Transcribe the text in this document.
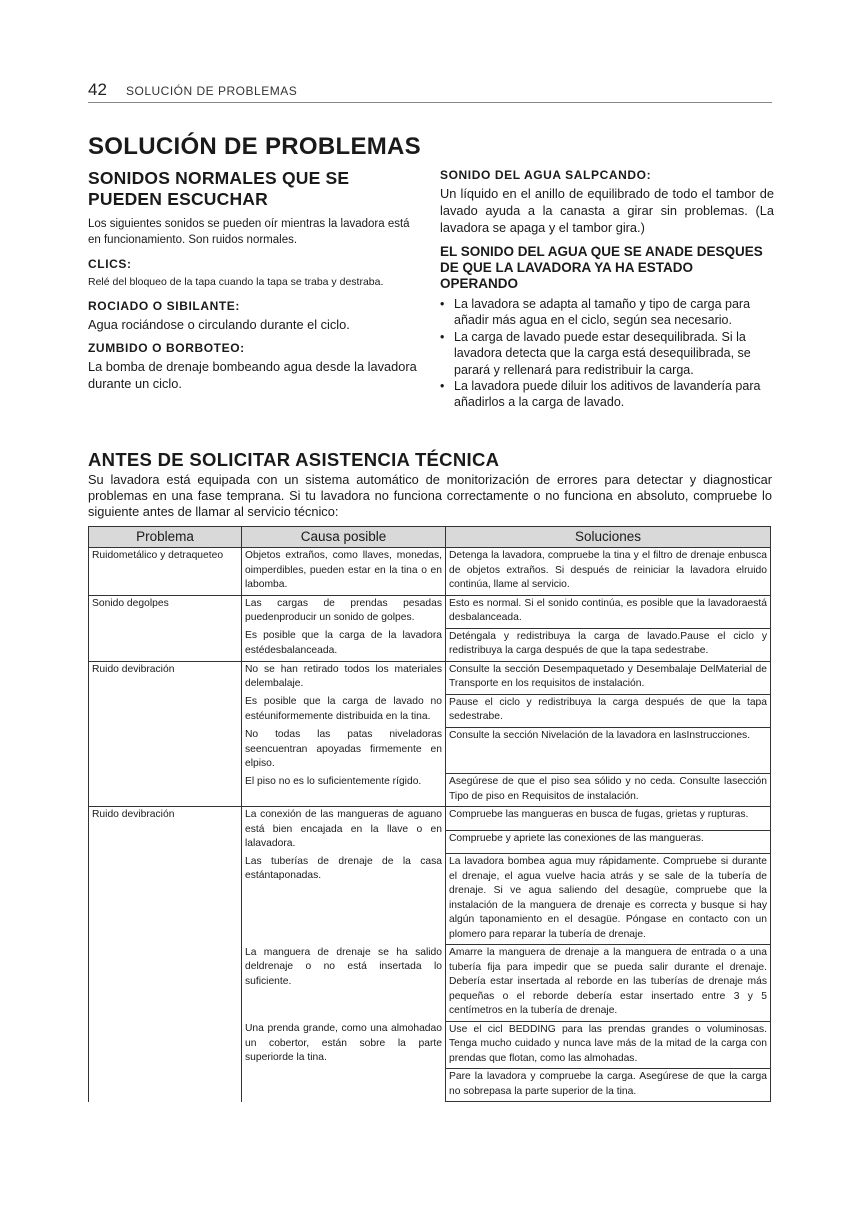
42 SOLUCIÓN DE PROBLEMAS
SOLUCIÓN DE PROBLEMAS
SONIDOS NORMALES QUE SE PUEDEN ESCUCHAR

Los siguientes sonidos se pueden oír mientras la lavadora está en funcionamiento. Son ruidos normales.

CLICS:

Relé del bloqueo de la tapa cuando la tapa se traba y destraba.

ROCIADO O SIBILANTE:

Agua rociándose o circulando durante el ciclo.

ZUMBIDO O BORBOTEO:

La bomba de drenaje bombeando agua desde la lavadora durante un ciclo.

SONIDO DEL AGUA SALPCANDO:

Un líquido en el anillo de equilibrado de todo el tambor de lavado ayuda a la canasta a girar sin problemas. (La lavadora se apaga y el tambor gira.)

EL SONIDO DEL AGUA QUE SE ANADE DESQUES DE QUE LA LAVADORA YA HA ESTADO OPERANDO
• La lavadora se adapta al tamaño y tipo de carga para añadir más agua en el ciclo, según sea necesario.
• La carga de lavado puede estar desequilibrada. Si la lavadora detecta que la carga está desequilibrada, se parará y rellenará para redistribuir la carga.
• La lavadora puede diluir los aditivos de lavandería para añadirlos a la carga de lavado.
ANTES DE SOLICITAR ASISTENCIA TÉCNICA

Su lavadora está equipada con un sistema automático de monitorización de errores para detectar y diagnosticar problemas en una fase temprana. Si tu lavadora no funciona correctamente o no funciona en absoluto, compruebe lo siguiente antes de llamar al servicio técnico:

Problema	Causa posible	Soluciones
Ruidometálico y detraqueteo	Objetos extraños, como llaves, monedas, oimperdibles, pueden estar en la tina o en labomba.	Detenga la lavadora, compruebe la tina y el filtro de drenaje enbusca de objetos extraños. Si después de reiniciar la lavadora elruido continúa, llame al servicio.
Sonido degolpes	Las cargas de prendas pesadas puedenproducir un sonido de golpes.	Esto es normal. Si el sonido continúa, es posible que la lavadoraestá desbalanceada.
	Es posible que la carga de la lavadora estédesbalanceada.	Deténgala y redistribuya la carga de lavado.Pause el ciclo y redistribuya la carga después de que la tapa sedestrabe.
Ruido devibración	No se han retirado todos los materiales delembalaje.	Consulte la sección Desempaquetado y Desembalaje DelMaterial de Transporte en los requisitos de instalación.
	Es posible que la carga de lavado no estéuniformemente distribuida en la tina.	Pause el ciclo y redistribuya la carga después de que la tapa sedestrabe.
	No todas las patas niveladoras seencuentran apoyadas firmemente en elpiso.	Consulte la sección Nivelación de la lavadora en lasInstrucciones.
	El piso no es lo suficientemente rígido.	Asegúrese de que el piso sea sólido y no ceda. Consulte lasección Tipo de piso en Requisitos de instalación.
Ruido devibración	La conexión de las mangueras de aguano está bien encajada en la llave o en lalavadora.	Compruebe las mangueras en busca de fugas, grietas y rupturas.
		Compruebe y apriete las conexiones de las mangueras.
	Las tuberías de drenaje de la casa estántaponadas.	La lavadora bombea agua muy rápidamente. Compruebe si durante el drenaje, el agua vuelve hacia atrás y se sale de la tubería de drenaje. Si ve agua saliendo del desagüe, compruebe que la instalación de la manguera de drenaje es correcta y busque si hay algún taponamiento en el desagüe. Póngase en contacto con un plomero para reparar la tubería de drenaje.
	La manguera de drenaje se ha salido deldrenaje o no está insertada lo suficiente.	Amarre la manguera de drenaje a la manguera de entrada o a una tubería fija para impedir que se pueda salir durante el drenaje. Debería estar insertada al reborde en las tuberías de drenaje más pequeñas o el reborde debería estar insertado entre 3 y 5 centímetros en la tubería de drenaje.
	Una prenda grande, como una almohadao un cobertor, están sobre la parte superiorde la tina.	Use el cicl BEDDING para las prendas grandes o voluminosas. Tenga mucho cuidado y nunca lave más de la mitad de la carga con prendas que flotan, como las almohadas.
		Pare la lavadora y compruebe la carga. Asegúrese de que la carga no sobrepasa la parte superior de la tina.
